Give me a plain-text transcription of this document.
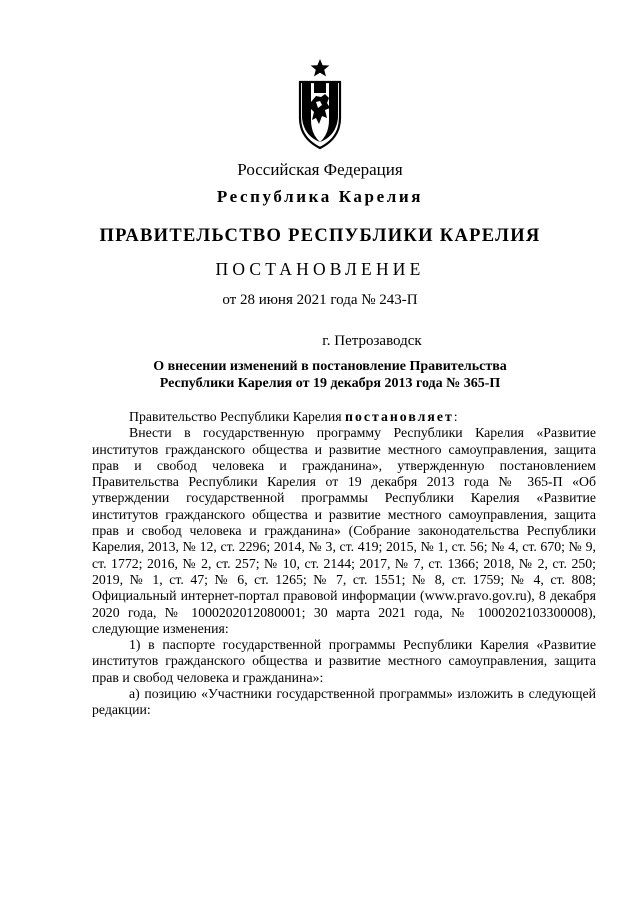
Российская Федерация
Республика Карелия
ПРАВИТЕЛЬСТВО РЕСПУБЛИКИ КАРЕЛИЯ
ПОСТАНОВЛЕНИЕ
от 28 июня 2021 года № 243-П
г. Петрозаводск
О внесении изменений в постановление Правительства
Республики Карелия от 19 декабря 2013 года № 365-П
Правительство Республики Карелия постановляет:
Внести в государственную программу Республики Карелия «Развитие институтов гражданского общества и развитие местного самоуправления, защита прав и свобод человека и гражданина», утвержденную постановлением Правительства Республики Карелия от 19 декабря 2013 года № 365-П «Об утверждении государственной программы Республики Карелия «Развитие институтов гражданского общества и развитие местного самоуправления, защита прав и свобод человека и гражданина» (Собрание законодательства Республики Карелия, 2013, № 12, ст. 2296; 2014, № 3, ст. 419; 2015, № 1, ст. 56; № 4, ст. 670; № 9, ст. 1772; 2016, № 2, ст. 257; № 10, ст. 2144; 2017, № 7, ст. 1366; 2018, № 2, ст. 250; 2019, № 1, ст. 47; № 6, ст. 1265; № 7, ст. 1551; № 8, ст. 1759; № 4, ст. 808; Официальный интернет-портал правовой информации (www.pravo.gov.ru), 8 декабря 2020 года, № 1000202012080001; 30 марта 2021 года, № 1000202103300008), следующие изменения:
1) в паспорте государственной программы Республики Карелия «Развитие институтов гражданского общества и развитие местного самоуправления, защита прав и свобод человека и гражданина»:
а) позицию «Участники государственной программы» изложить в следующей редакции:
